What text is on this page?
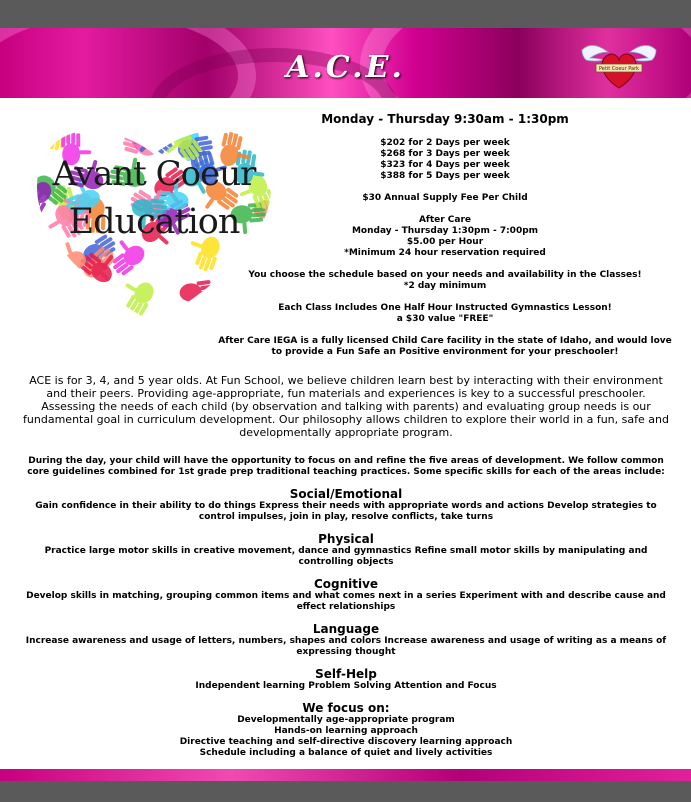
A.C.E.	Petit Coeur Park
Avant Coeur
Education
Monday - Thursday 9:30am - 1:30pm

$202 for 2 Days per week
$268 for 3 Days per week
$323 for 4 Days per week
$388 for 5 Days per week

$30 Annual Supply Fee Per Child

After Care
Monday - Thursday 1:30pm - 7:00pm
$5.00 per Hour
*Minimum 24 hour reservation required

You choose the schedule based on your needs and availability in the Classes!
*2 day minimum

Each Class Includes One Half Hour Instructed Gymnastics Lesson!
a $30 value "FREE"

After Care IEGA is a fully licensed Child Care facility in the state of Idaho, and would love to provide a Fun Safe an Positive environment for your preschooler!

ACE is for 3, 4, and 5 year olds. At Fun School, we believe children learn best by interacting with their environment and their peers. Providing age-appropriate, fun materials and experiences is key to a successful preschooler. Assessing the needs of each child (by observation and talking with parents) and evaluating group needs is our fundamental goal in curriculum development. Our philosophy allows children to explore their world in a fun, safe and developmentally appropriate program.

During the day, your child will have the opportunity to focus on and refine the five areas of development. We follow common core guidelines combined for 1st grade prep traditional teaching practices. Some specific skills for each of the areas include:

Social/Emotional
Gain confidence in their ability to do things Express their needs with appropriate words and actions Develop strategies to control impulses, join in play, resolve conflicts, take turns
Physical
Practice large motor skills in creative movement, dance and gymnastics Refine small motor skills by manipulating and controlling objects
Cognitive
Develop skills in matching, grouping common items and what comes next in a series Experiment with and describe cause and effect relationships
Language
Increase awareness and usage of letters, numbers, shapes and colors Increase awareness and usage of writing as a means of expressing thought
Self-Help
Independent learning Problem Solving Attention and Focus
We focus on:
Developmentally age-appropriate program
Hands-on learning approach
Directive teaching and self-directive discovery learning approach
Schedule including a balance of quiet and lively activities
